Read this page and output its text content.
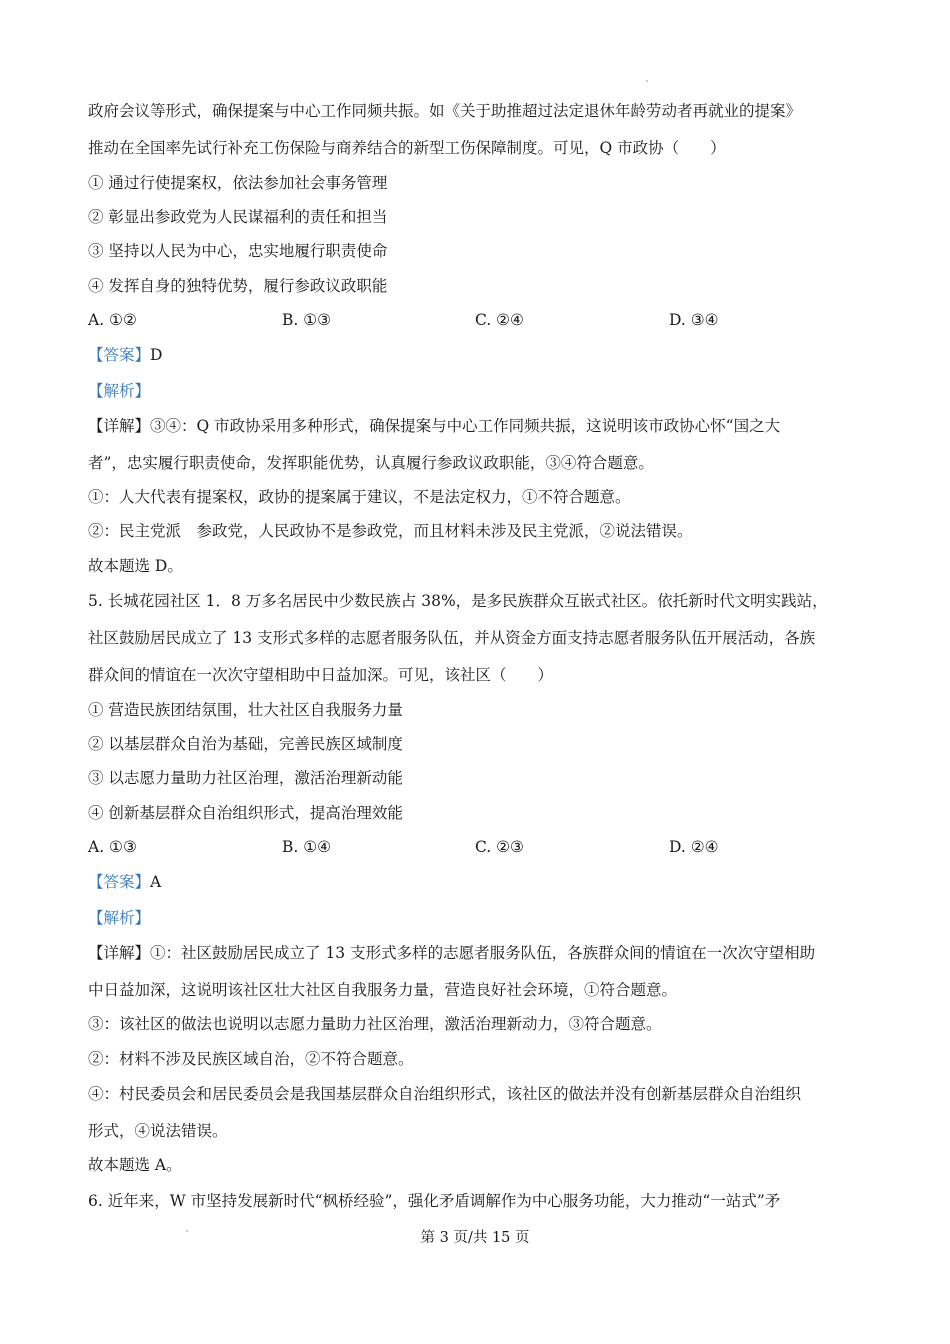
政府会议等形式，确保提案与中心工作同频共振。如《关于助推超过法定退休年龄劳动者再就业的提案》
推动在全国率先试行补充工伤保险与商养结合的新型工伤保障制度。可见，Q 市政协（　　）
① 通过行使提案权，依法参加社会事务管理
② 彰显出参政党为人民谋福利的责任和担当
③ 坚持以人民为中心，忠实地履行职责使命
④ 发挥自身的独特优势，履行参政议政职能
A. ①②	B. ①③	C. ②④	D. ③④
【答案】D
【解析】
【详解】③④：Q 市政协采用多种形式，确保提案与中心工作同频共振，这说明该市政协心怀“国之大
者”，忠实履行职责使命，发挥职能优势，认真履行参政议政职能，③④符合题意。
①：人大代表有提案权，政协的提案属于建议，不是法定权力，①不符合题意。
②：民主党派　参政党，人民政协不是参政党，而且材料未涉及民主党派，②说法错误。
故本题选 D。
5. 长城花园社区 1．8 万多名居民中少数民族占 38%，是多民族群众互嵌式社区。依托新时代文明实践站，
社区鼓励居民成立了 13 支形式多样的志愿者服务队伍，并从资金方面支持志愿者服务队伍开展活动，各族
群众间的情谊在一次次守望相助中日益加深。可见，该社区（　　）
① 营造民族团结氛围，壮大社区自我服务力量
② 以基层群众自治为基础，完善民族区域制度
③ 以志愿力量助力社区治理，激活治理新动能
④ 创新基层群众自治组织形式，提高治理效能
A. ①③	B. ①④	C. ②③	D. ②④
【答案】A
【解析】
【详解】①：社区鼓励居民成立了 13 支形式多样的志愿者服务队伍，各族群众间的情谊在一次次守望相助
中日益加深，这说明该社区壮大社区自我服务力量，营造良好社会环境，①符合题意。
③：该社区的做法也说明以志愿力量助力社区治理，激活治理新动力，③符合题意。
②：材料不涉及民族区域自治，②不符合题意。
④：村民委员会和居民委员会是我国基层群众自治组织形式，该社区的做法并没有创新基层群众自治组织
形式，④说法错误。
故本题选 A。
6. 近年来，W 市坚持发展新时代“枫桥经验”，强化矛盾调解作为中心服务功能，大力推动“一站式”矛
第 3 页/共 15 页
